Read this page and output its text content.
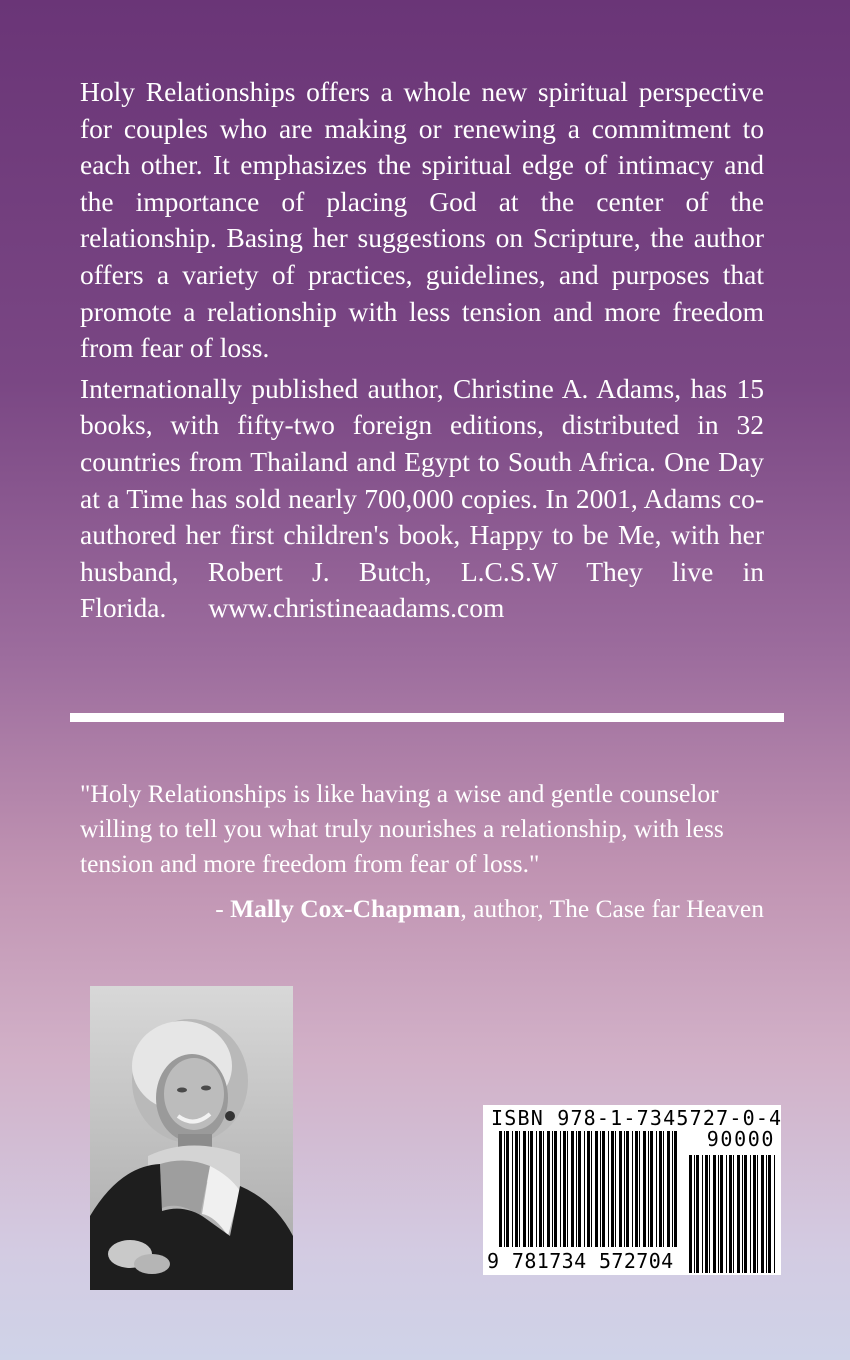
Holy Relationships offers a whole new spiritual perspective for couples who are making or renewing a commitment to each other. It emphasizes the spiritual edge of intimacy and the importance of placing God at the center of the relationship. Basing her suggestions on Scripture, the author offers a variety of practices, guidelines, and purposes that promote a relationship with less tension and more freedom from fear of loss.

Internationally published author, Christine A. Adams, has 15 books, with fifty-two foreign editions, distributed in 32 countries from Thailand and Egypt to South Africa. One Day at a Time has sold nearly 700,000 copies. In 2001, Adams co-authored her first children's book, Happy to be Me, with her husband, Robert J. Butch, L.C.S.W They live in Florida. www.christineaadams.com

"Holy Relationships is like having a wise and gentle counselor willing to tell you what truly nourishes a relationship, with less tension and more freedom from fear of loss."

- Mally Cox-Chapman, author, The Case far Heaven
ISBN 978-1-7345727-0-4
90000
9 781734 572704
